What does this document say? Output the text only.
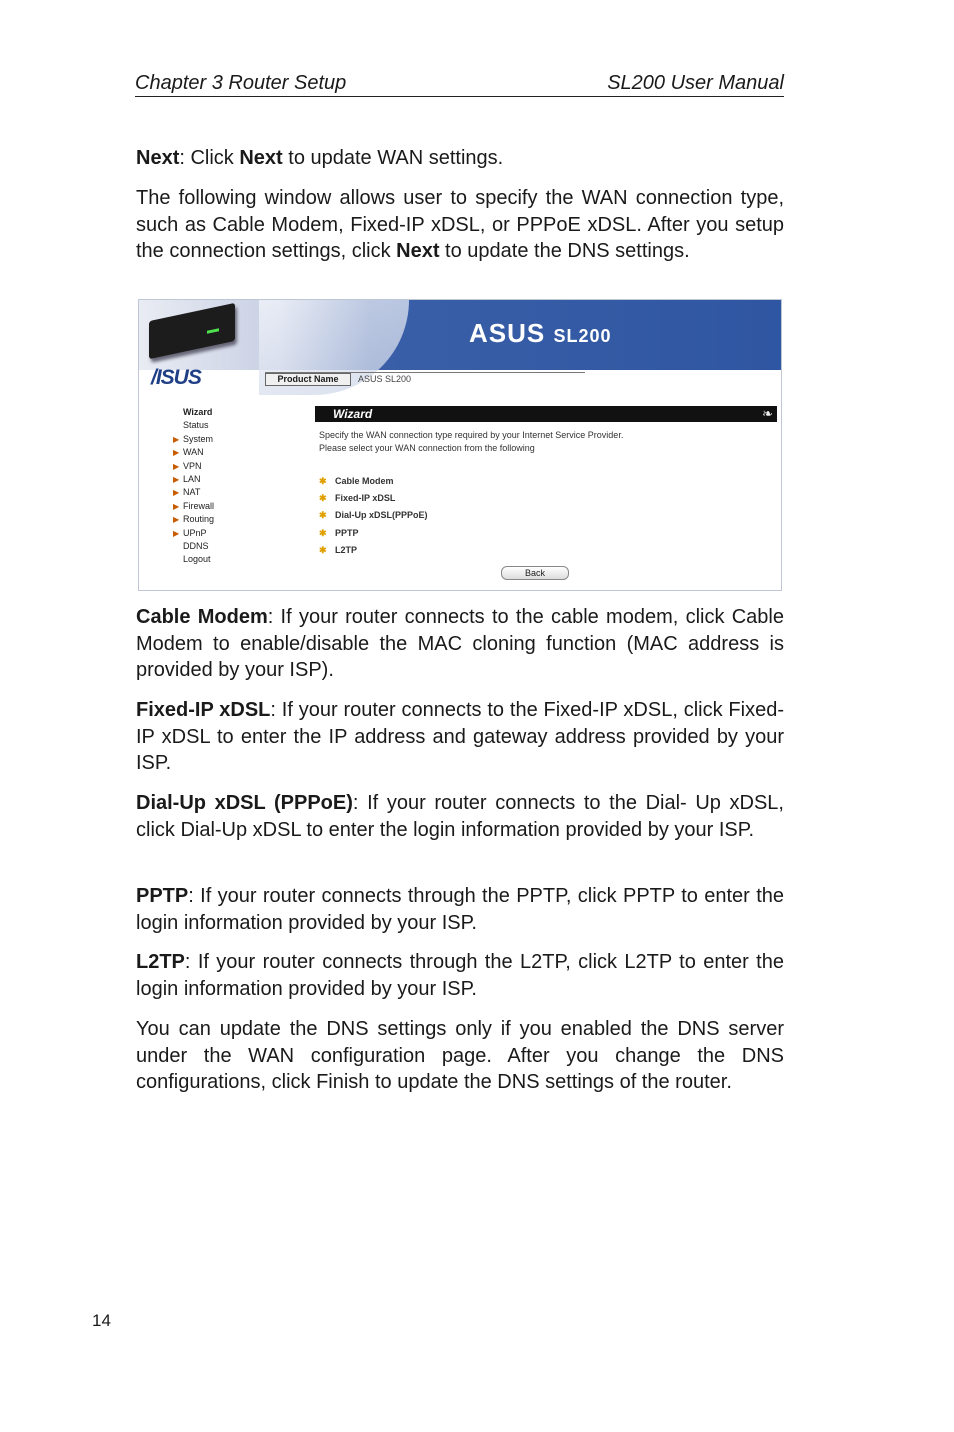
Chapter 3 Router Setup	SL200 User Manual
Next: Click Next to update WAN settings.
The following window allows user to specify the WAN connection type, such as Cable Modem, Fixed-IP xDSL, or PPPoE xDSL. After you setup the connection settings, click Next to update the DNS settings.
ASUS SL200
/ISUS	Product Name	ASUS SL200
Wizard
Status
▶ System
▶ WAN
▶ VPN
▶ LAN
▶ NAT
▶ Firewall
▶ Routing
▶ UPnP
DDNS
Logout
Wizard	❧
Specify the WAN connection type required by your Internet Service Provider. Please select your WAN connection from the following
✱ Cable Modem
✱ Fixed-IP xDSL
✱ Dial-Up xDSL(PPPoE)
✱ PPTP
✱ L2TP
Back
Cable Modem: If your router connects to the cable modem, click Cable Modem to enable/disable the MAC cloning function (MAC address is provided by your ISP).
Fixed-IP xDSL: If your router connects to the Fixed-IP xDSL, click Fixed-IP xDSL to enter the IP address and gateway address provided by your ISP.
Dial-Up xDSL (PPPoE): If your router connects to the Dial- Up xDSL, click Dial-Up xDSL to enter the login information provided by your ISP.
PPTP: If your router connects through the PPTP, click PPTP to enter the login information provided by your ISP.
L2TP: If your router connects through the L2TP, click L2TP to enter the login information provided by your ISP.
You can update the DNS settings only if you enabled the DNS server under the WAN configuration page. After you change the DNS configurations, click Finish to update the DNS settings of the router.
14
